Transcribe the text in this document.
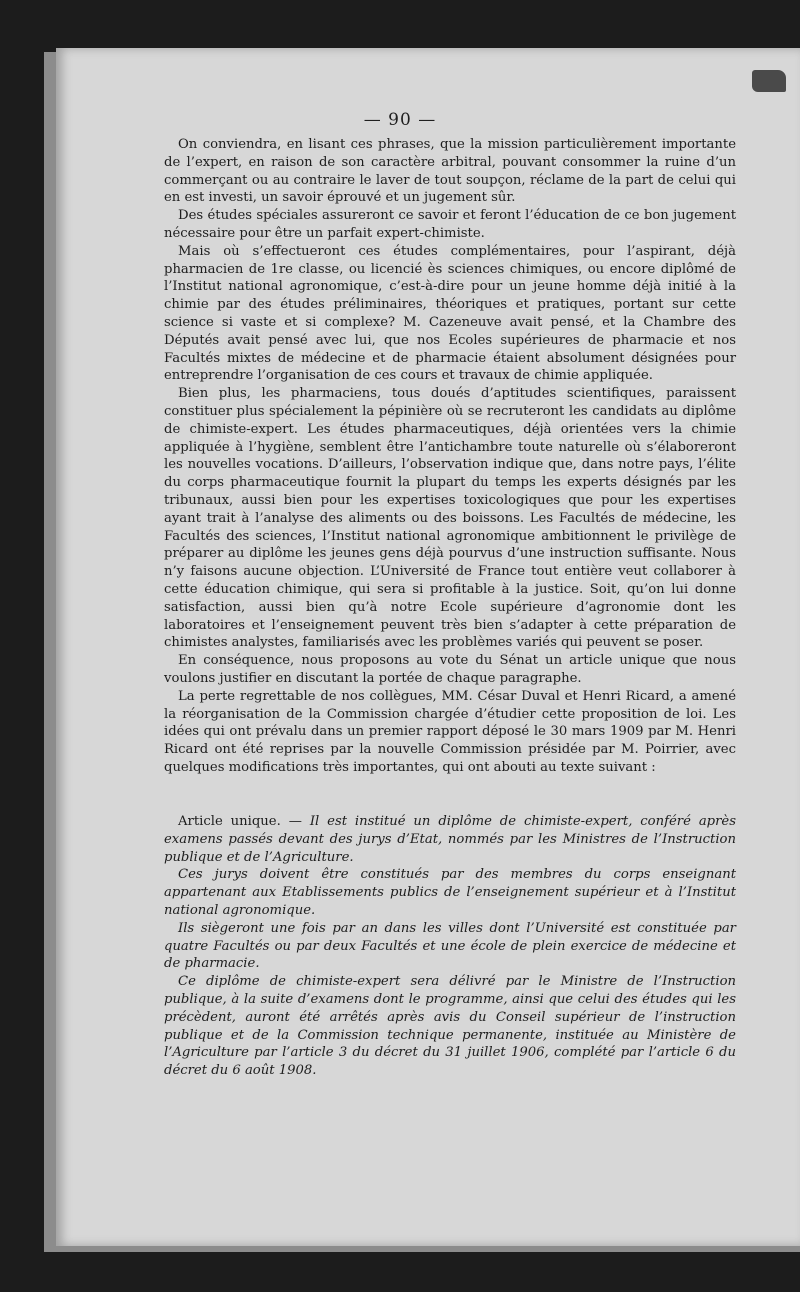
— 90 —

On conviendra, en lisant ces phrases, que la mission particulièrement importante de l’expert, en raison de son caractère arbitral, pouvant consommer la ruine d’un commerçant ou au contraire le laver de tout soupçon, réclame de la part de celui qui en est investi, un savoir éprouvé et un jugement sûr.

Des études spéciales assureront ce savoir et feront l’éducation de ce bon jugement nécessaire pour être un parfait expert-chimiste.

Mais où s’effectueront ces études complémentaires, pour l’aspirant, déjà pharmacien de 1re classe, ou licencié ès sciences chimiques, ou encore diplômé de l’Institut national agronomique, c’est-à-dire pour un jeune homme déjà initié à la chimie par des études préliminaires, théoriques et pratiques, portant sur cette science si vaste et si complexe? M. Cazeneuve avait pensé, et la Chambre des Députés avait pensé avec lui, que nos Ecoles supérieures de pharmacie et nos Facultés mixtes de médecine et de pharmacie étaient absolument désignées pour entreprendre l’organisation de ces cours et travaux de chimie appliquée.

Bien plus, les pharmaciens, tous doués d’aptitudes scientifiques, paraissent constituer plus spécialement la pépinière où se recruteront les candidats au diplôme de chimiste-expert. Les études pharmaceutiques, déjà orientées vers la chimie appliquée à l’hygiène, semblent être l’antichambre toute naturelle où s’élaboreront les nouvelles vocations. D’ailleurs, l’observation indique que, dans notre pays, l’élite du corps pharmaceutique fournit la plupart du temps les experts désignés par les tribunaux, aussi bien pour les expertises toxicologiques que pour les expertises ayant trait à l’analyse des aliments ou des boissons. Les Facultés de médecine, les Facultés des sciences, l’Institut national agronomique ambitionnent le privilège de préparer au diplôme les jeunes gens déjà pourvus d’une instruction suffisante. Nous n’y faisons aucune objection. L’Université de France tout entière veut collaborer à cette éducation chimique, qui sera si profitable à la justice. Soit, qu’on lui donne satisfaction, aussi bien qu’à notre Ecole supérieure d’agronomie dont les laboratoires et l’enseignement peuvent très bien s’adapter à cette préparation de chimistes analystes, familiarisés avec les problèmes variés qui peuvent se poser.

En conséquence, nous proposons au vote du Sénat un article unique que nous voulons justifier en discutant la portée de chaque paragraphe.

La perte regrettable de nos collègues, MM. César Duval et Henri Ricard, a amené la réorganisation de la Commission chargée d’étudier cette proposition de loi. Les idées qui ont prévalu dans un premier rapport déposé le 30 mars 1909 par M. Henri Ricard ont été reprises par la nouvelle Commission présidée par M. Poirrier, avec quelques modifications très importantes, qui ont abouti au texte suivant :

Article unique. — Il est institué un diplôme de chimiste-expert, conféré après examens passés devant des jurys d’Etat, nommés par les Ministres de l’Instruction publique et de l’Agriculture.

Ces jurys doivent être constitués par des membres du corps enseignant appartenant aux Etablissements publics de l’enseignement supérieur et à l’Institut national agronomique.

Ils siègeront une fois par an dans les villes dont l’Université est constituée par quatre Facultés ou par deux Facultés et une école de plein exercice de médecine et de pharmacie.

Ce diplôme de chimiste-expert sera délivré par le Ministre de l’Instruction publique, à la suite d’examens dont le programme, ainsi que celui des études qui les précèdent, auront été arrêtés après avis du Conseil supérieur de l’instruction publique et de la Commission technique permanente, instituée au Ministère de l’Agriculture par l’article 3 du décret du 31 juillet 1906, complété par l’article 6 du décret du 6 août 1908.
